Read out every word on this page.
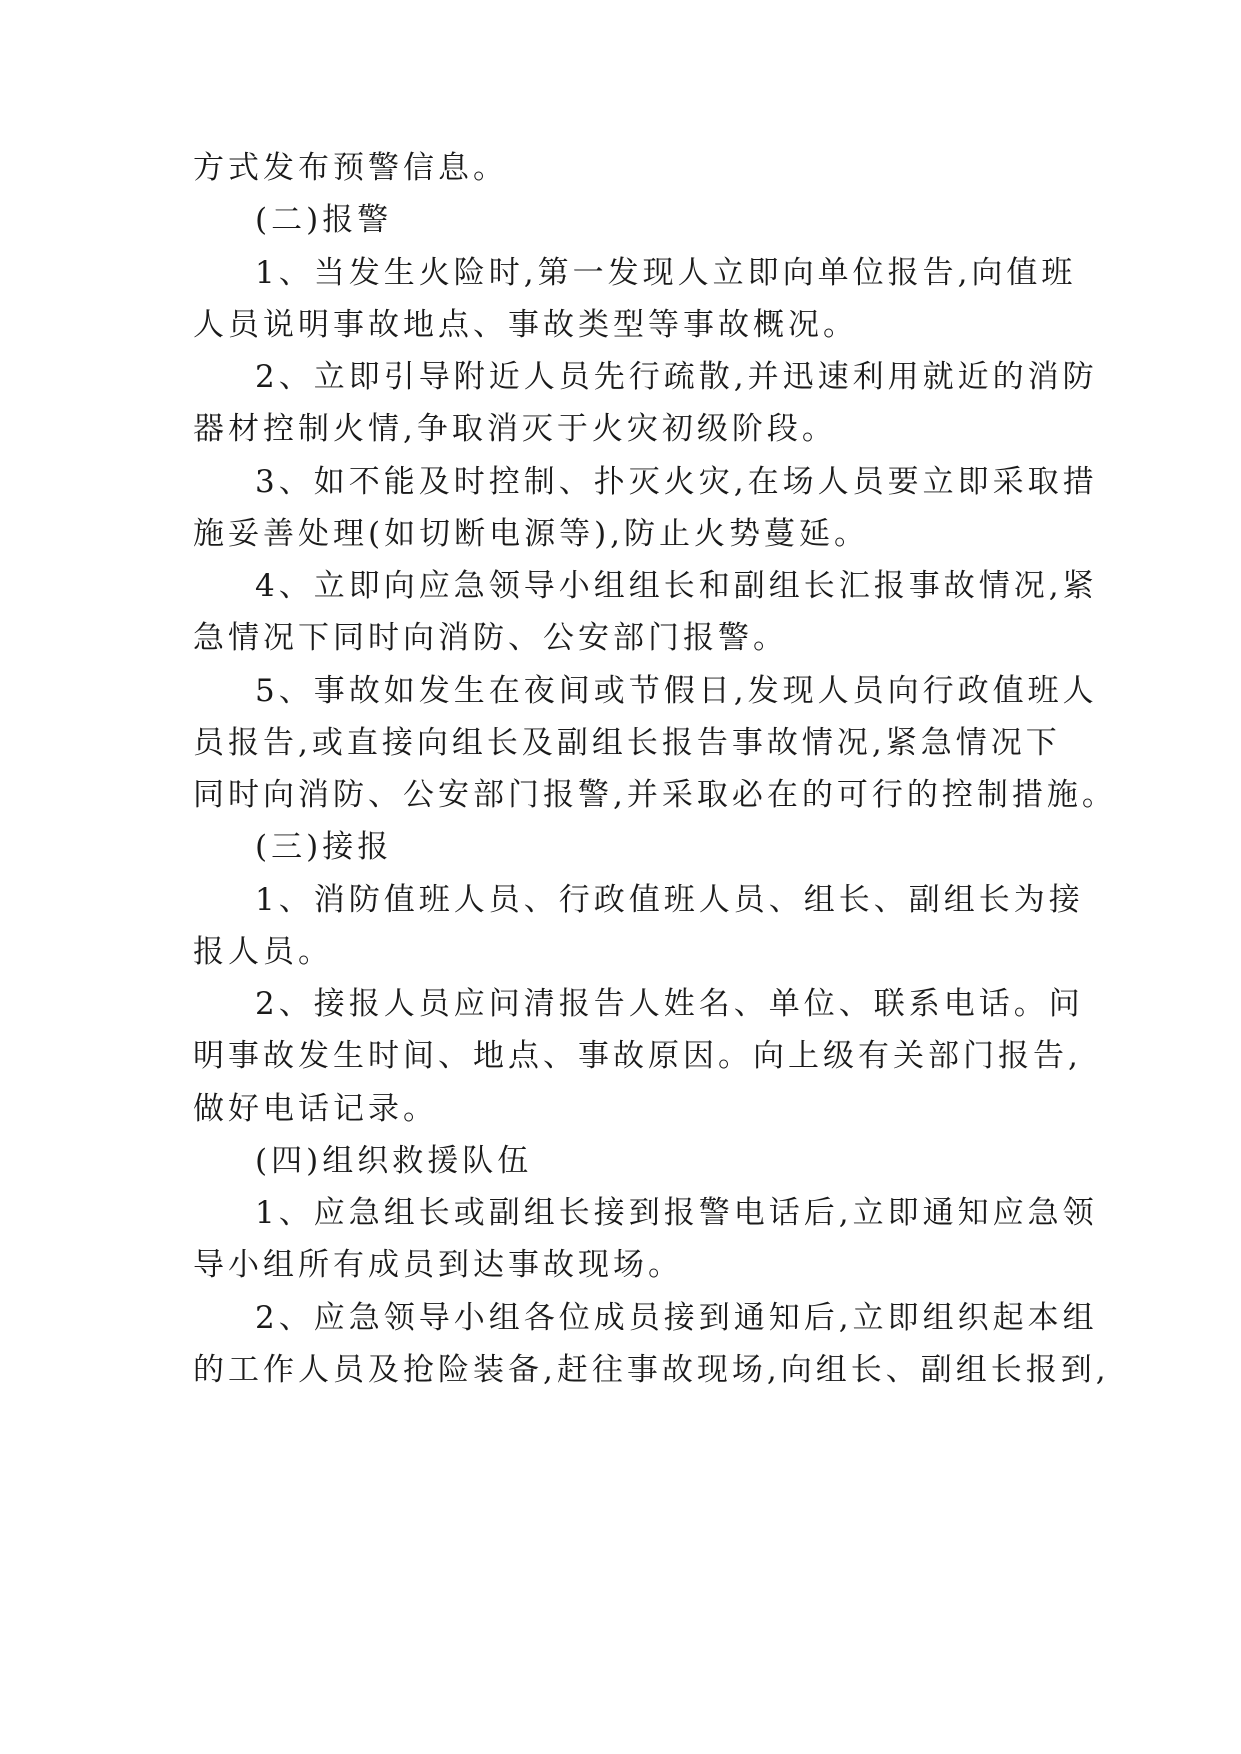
方式发布预警信息。

(二)报警

1、当发生火险时,第一发现人立即向单位报告,向值班

人员说明事故地点、事故类型等事故概况。

2、立即引导附近人员先行疏散,并迅速利用就近的消防

器材控制火情,争取消灭于火灾初级阶段。

3、如不能及时控制、扑灭火灾,在场人员要立即采取措

施妥善处理(如切断电源等),防止火势蔓延。

4、立即向应急领导小组组长和副组长汇报事故情况,紧

急情况下同时向消防、公安部门报警。

5、事故如发生在夜间或节假日,发现人员向行政值班人

员报告,或直接向组长及副组长报告事故情况,紧急情况下

同时向消防、公安部门报警,并采取必在的可行的控制措施。

(三)接报

1、消防值班人员、行政值班人员、组长、副组长为接

报人员。

2、接报人员应问清报告人姓名、单位、联系电话。问

明事故发生时间、地点、事故原因。向上级有关部门报告,

做好电话记录。

(四)组织救援队伍

1、应急组长或副组长接到报警电话后,立即通知应急领

导小组所有成员到达事故现场。

2、应急领导小组各位成员接到通知后,立即组织起本组

的工作人员及抢险装备,赶往事故现场,向组长、副组长报到,
